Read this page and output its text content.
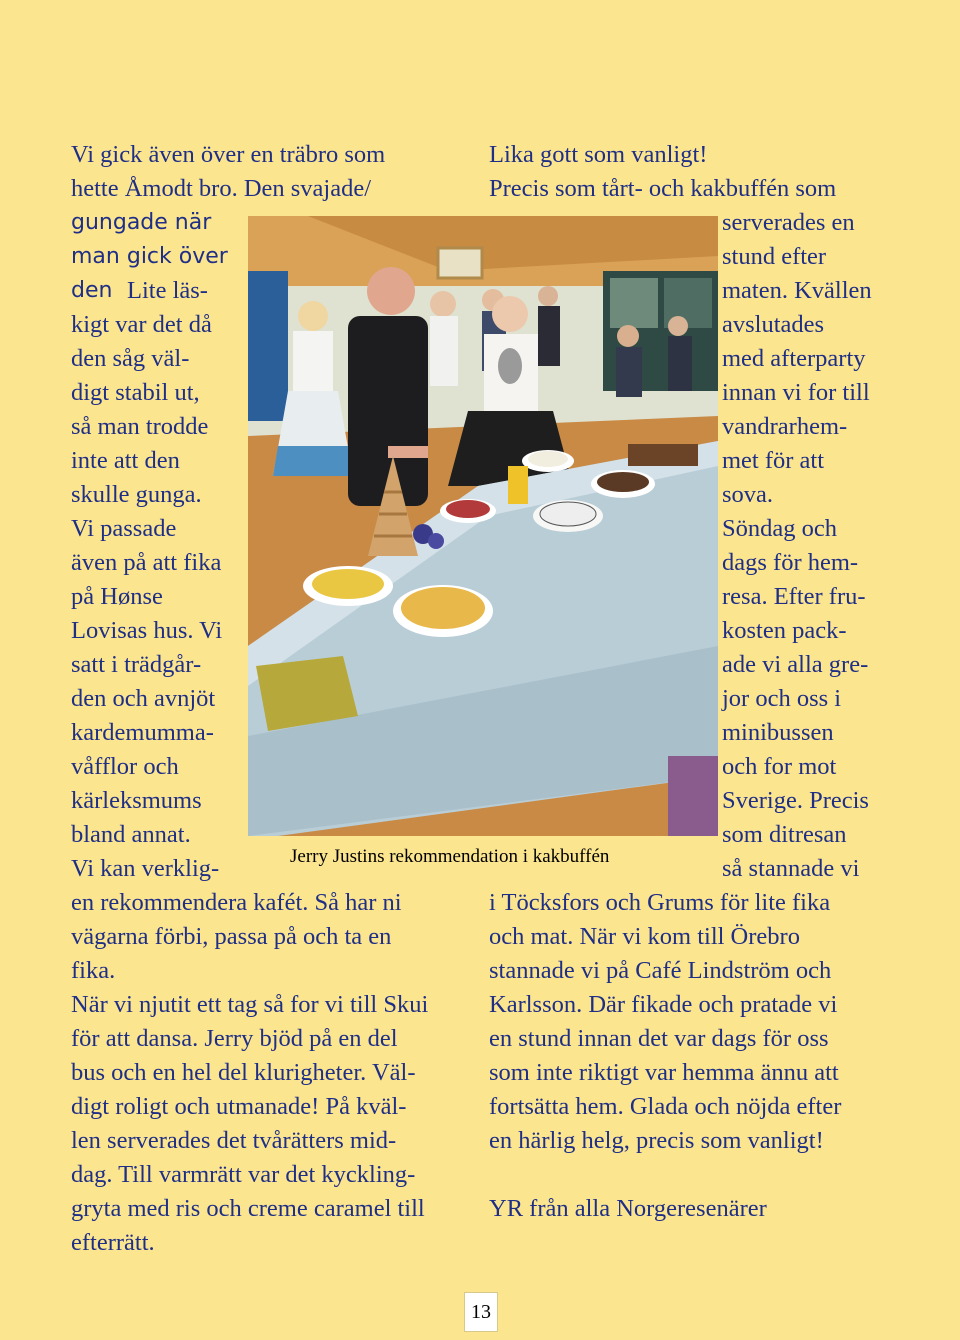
Vi gick även över en träbro som

hette Åmodt bro. Den svajade/

gungade när

man gick över

den Lite läs-

kigt var det då

den såg väl-

digt stabil ut,

så man trodde

inte att den

skulle gunga.

Vi passade

även på att fika

på Hønse

Lovisas hus. Vi

satt i trädgår-

den och avnjöt

kardemumma-

våfflor och

kärleksmums

bland annat.

Vi kan verklig-

en rekommendera kafét. Så har ni

vägarna förbi, passa på och ta en

fika.

När vi njutit ett tag så for vi till Skui

för att dansa. Jerry bjöd på en del

bus och en hel del klurigheter. Väl-

digt roligt och utmanade! På kväl-

len serverades det tvårätters mid-

dag. Till varmrätt var det kyckling-

gryta med ris och creme caramel till

efterrätt.

Lika gott som vanligt!

Precis som tårt- och kakbuffén som

serverades en

stund efter

maten. Kvällen

avslutades

med afterparty

innan vi for till

vandrarhem-

met för att

sova.

Söndag och

dags för hem-

resa. Efter fru-

kosten pack-

ade vi alla gre-

jor och oss i

minibussen

och for mot

Sverige. Precis

som ditresan

så stannade vi

i Töcksfors och Grums för lite fika

och mat. När vi kom till Örebro

stannade vi på Café Lindström och

Karlsson. Där fikade och pratade vi

en stund innan det var dags för oss

som inte riktigt var hemma ännu att

fortsätta hem. Glada och nöjda efter

en härlig helg, precis som vanligt!

YR från alla Norgeresenärer

Jerry Justins rekommendation i kakbuffén
13
